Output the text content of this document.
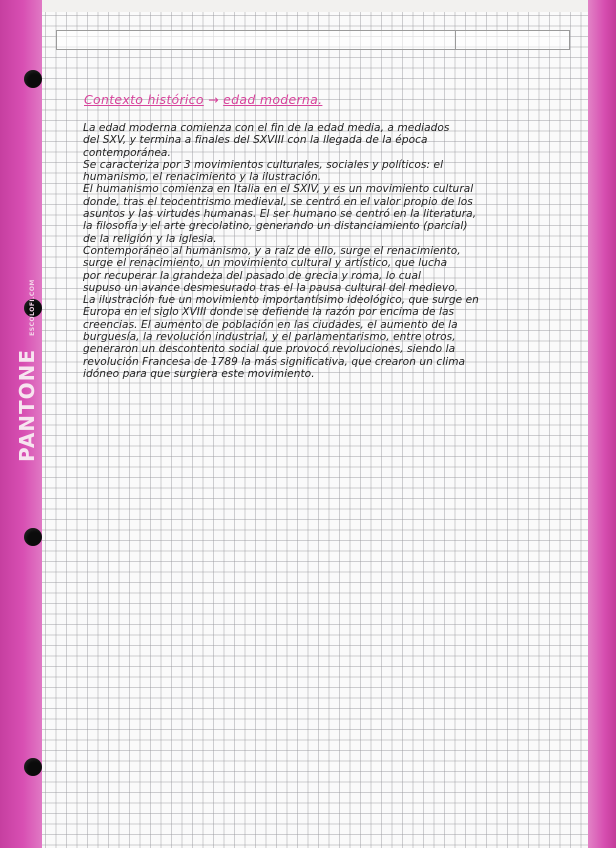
PANTONE ESCOLOFI.COM
Contexto histórico → edad moderna.
La edad moderna comienza con el fin de la edad media, a mediados
del SXV, y termina a finales del SXVIII con la llegada de la época
contemporánea.
Se caracteriza por 3 movimientos culturales, sociales y políticos: el
humanismo, el renacimiento y la ilustración.
El humanismo comienza en Italia en el SXIV, y es un movimiento cultural
donde, tras el teocentrismo medieval, se centró en el valor propio de los
asuntos y las virtudes humanas. El ser humano se centró en la literatura,
la filosofía y el arte grecolatino, generando un distanciamiento (parcial)
de la religión y la iglesia.
Contemporáneo al humanismo, y a raíz de ello, surge el renacimiento,
surge el renacimiento, un movimiento cultural y artístico, que lucha
por recuperar la grandeza del pasado de grecia y roma, lo cual
supuso un avance desmesurado tras el la pausa cultural del medievo.
La ilustración fue un movimiento importantísimo ideológico, que surge en
Europa en el siglo XVIII donde se defiende la razón por encima de las
creencias. El aumento de población en las ciudades, el aumento de la
burguesía, la revolución industrial, y el parlamentarismo, entre otros,
generaron un descontento social que provocó revoluciones, siendo la
revolución Francesa de 1789 la más significativa, que crearon un clima
idóneo para que surgiera este movimiento.
